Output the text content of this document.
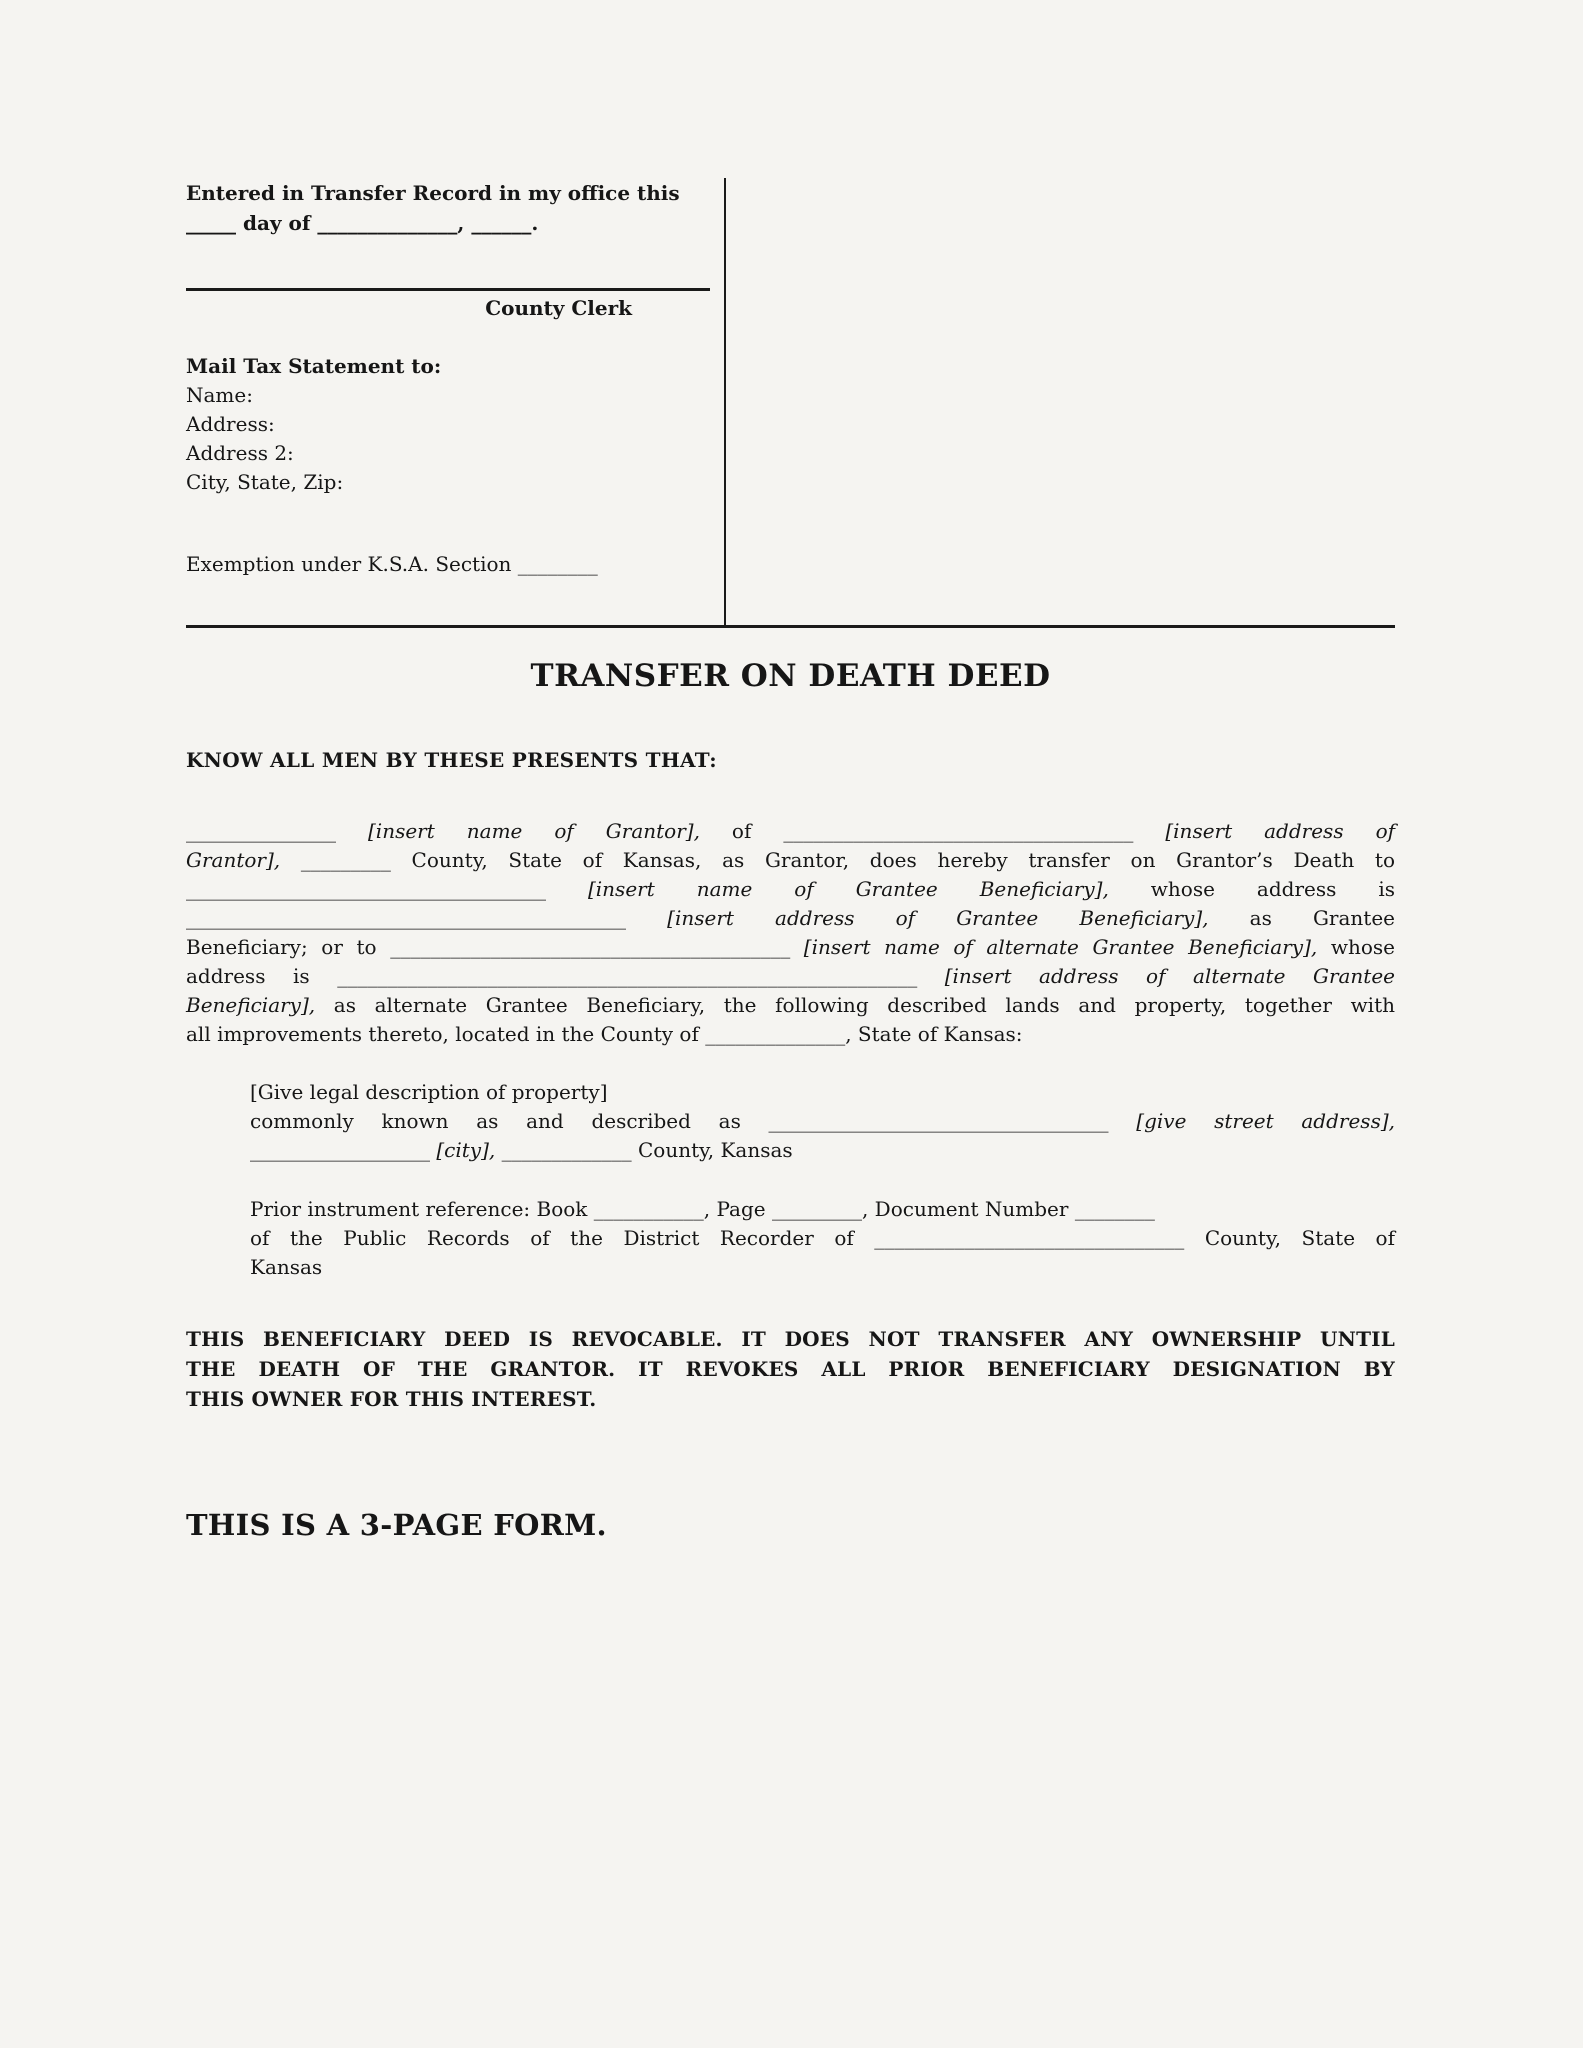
Entered in Transfer Record in my office this
_____ day of ______________, ______.
County Clerk
Mail Tax Statement to:
Name:
Address:
Address 2:
City, State, Zip:
Exemption under K.S.A. Section ________
TRANSFER ON DEATH DEED
KNOW ALL MEN BY THESE PRESENTS THAT:
_______________ [insert name of Grantor], of ___________________________________ [insert address of
Grantor], _________ County, State of Kansas, as Grantor, does hereby transfer on Grantor’s Death to
____________________________________ [insert name of Grantee Beneficiary], whose address is
____________________________________________ [insert address of Grantee Beneficiary], as Grantee
Beneficiary; or to ________________________________________ [insert name of alternate Grantee Beneficiary], whose
address is __________________________________________________________ [insert address of alternate Grantee
Beneficiary], as alternate Grantee Beneficiary, the following described lands and property, together with
all improvements thereto, located in the County of ______________, State of Kansas:
[Give legal description of property]
commonly known as and described as __________________________________ [give street address],
__________________ [city], _____________ County, Kansas
Prior instrument reference: Book ___________, Page _________, Document Number ________
of the Public Records of the District Recorder of _______________________________ County, State of
Kansas
THIS BENEFICIARY DEED IS REVOCABLE. IT DOES NOT TRANSFER ANY OWNERSHIP UNTIL
THE DEATH OF THE GRANTOR. IT REVOKES ALL PRIOR BENEFICIARY DESIGNATION BY
THIS OWNER FOR THIS INTEREST.
THIS IS A 3-PAGE FORM.
